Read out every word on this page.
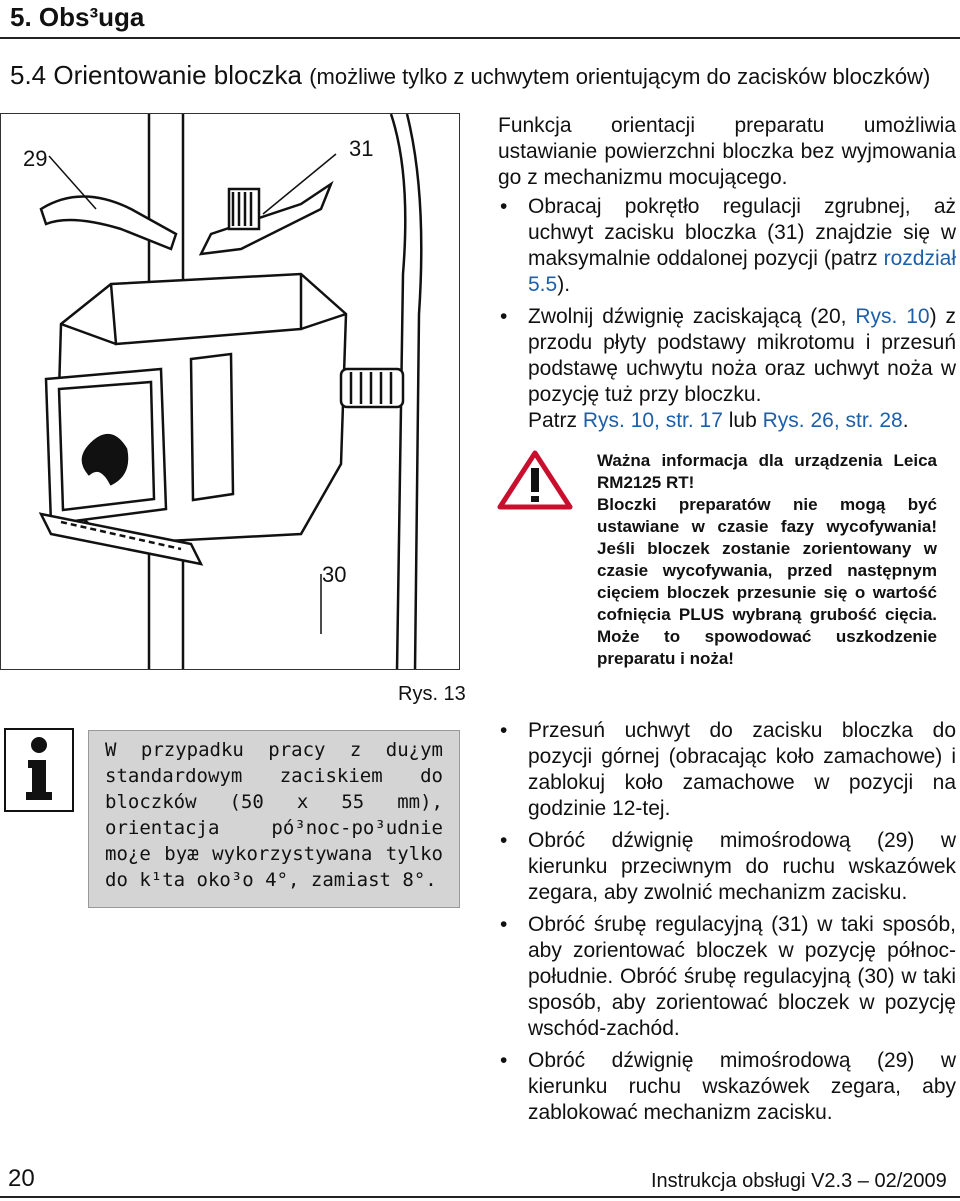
5. Obs³uga
5.4 Orientowanie bloczka (możliwe tylko z uchwytem orientującym do zacisków bloczków)
29	31
30
Rys. 13
W przypadku pracy z du¿ym standardowym zaciskiem do bloczków (50 x 55 mm), orientacja pó³noc-po³udnie mo¿e byæ wykorzystywana tylko do k¹ta oko³o 4°, zamiast 8°.
Funkcja orientacji preparatu umożliwia ustawianie powierzchni bloczka bez wyjmowania go z mechanizmu mocującego.
• Obracaj pokrętło regulacji zgrubnej, aż uchwyt zacisku bloczka (31) znajdzie się w maksymalnie oddalonej pozycji (patrz rozdział 5.5).
• Zwolnij dźwignię zaciskającą (20, Rys. 10) z przodu płyty podstawy mikrotomu i przesuń podstawę uchwytu noża oraz uchwyt noża w pozycję tuż przy bloczku.
Patrz Rys. 10, str. 17 lub Rys. 26, str. 28.
Ważna informacja dla urządzenia Leica RM2125 RT!
Bloczki preparatów nie mogą być ustawiane w czasie fazy wycofywania! Jeśli bloczek zostanie zorientowany w czasie wycofywania, przed następnym cięciem bloczek przesunie się o wartość cofnięcia PLUS wybraną grubość cięcia. Może to spowodować uszkodzenie preparatu i noża!
• Przesuń uchwyt do zacisku bloczka do pozycji górnej (obracając koło zamachowe) i zablokuj koło zamachowe w pozycji na godzinie 12-tej.
• Obróć dźwignię mimośrodową (29) w kierunku przeciwnym do ruchu wskazówek zegara, aby zwolnić mechanizm zacisku.
• Obróć śrubę regulacyjną (31) w taki sposób, aby zorientować bloczek w pozycję północ-południe. Obróć śrubę regulacyjną (30) w taki sposób, aby zorientować bloczek w pozycję wschód-zachód.
• Obróć dźwignię mimośrodową (29) w kierunku ruchu wskazówek zegara, aby zablokować mechanizm zacisku.
20	Instrukcja obsługi V2.3 – 02/2009
